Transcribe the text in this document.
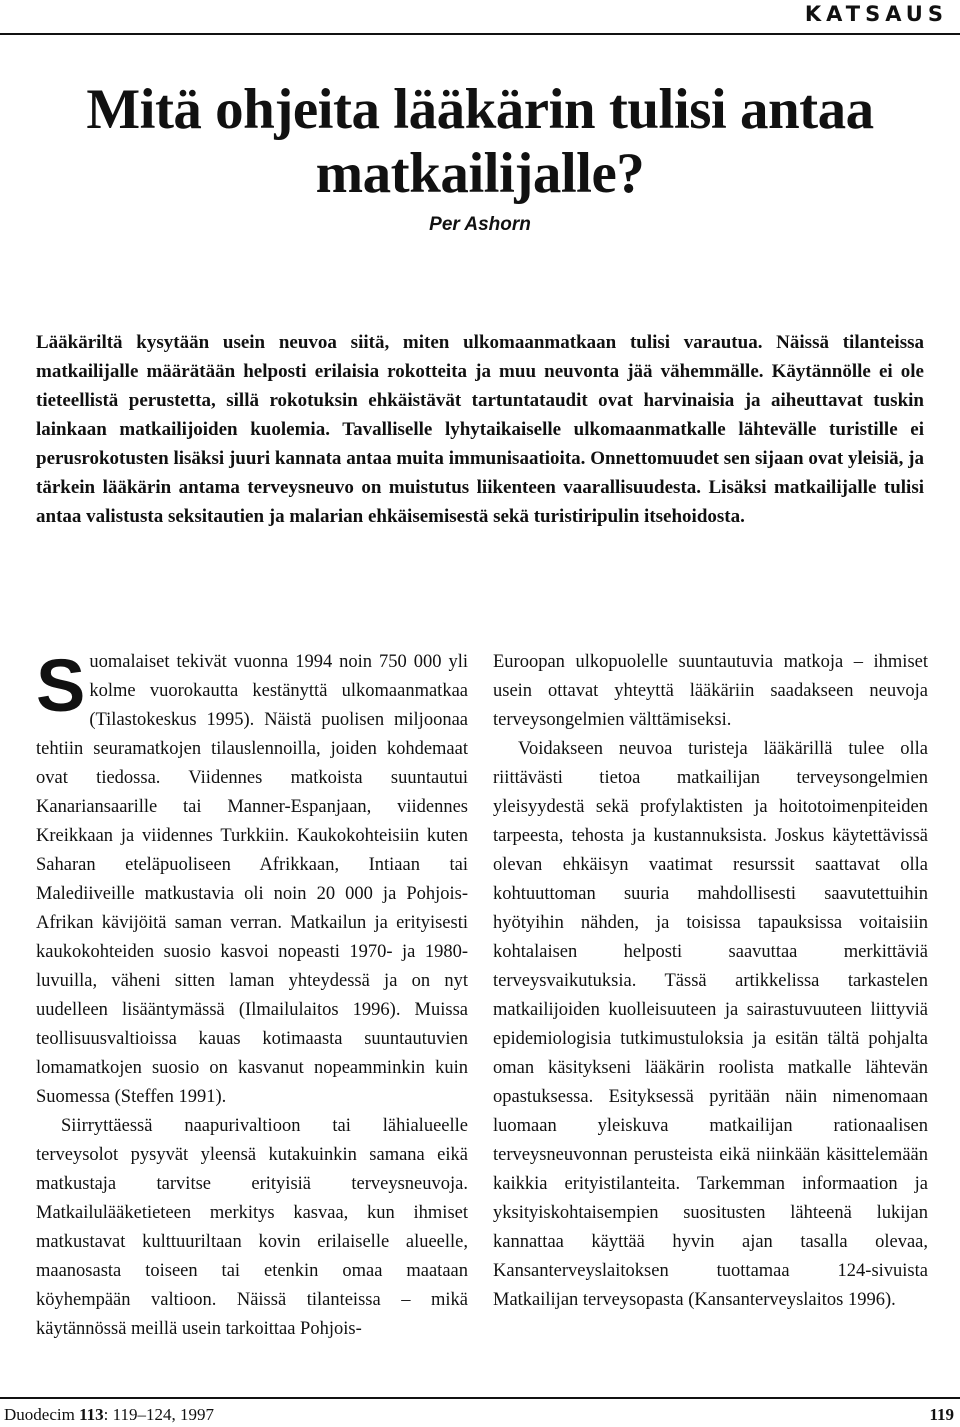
KATSAUS

Mitä ohjeita lääkärin tulisi antaa
matkailijalle?

Per Ashorn

Lääkäriltä kysytään usein neuvoa siitä, miten ulkomaanmatkaan tulisi varautua. Näissä tilanteissa matkailijalle määrätään helposti erilaisia rokotteita ja muu neuvonta jää vähemmälle. Käytännölle ei ole tieteellistä perustetta, sillä rokotuksin ehkäistävät tartuntataudit ovat harvinaisia ja aiheuttavat tuskin lainkaan matkailijoiden kuolemia. Tavalliselle lyhytaikaiselle ulkomaanmatkalle lähtevälle turistille ei perusrokotusten lisäksi juuri kannata antaa muita immunisaatioita. Onnettomuudet sen sijaan ovat yleisiä, ja tärkein lääkärin antama terveysneuvo on muistutus liikenteen vaarallisuudesta. Lisäksi matkailijalle tulisi antaa valistusta seksitautien ja malarian ehkäisemisestä sekä turistiripulin itsehoidosta.

S uomalaiset tekivät vuonna 1994 noin 750 000 yli kolme vuorokautta kestänyttä ulkomaanmatkaa (Tilastokeskus 1995). Näistä puolisen miljoonaa tehtiin seuramatkojen tilauslennoilla, joiden kohdemaat ovat tiedossa. Viidennes matkoista suuntautui Kanariansaarille tai Manner-Espanjaan, viidennes Kreikkaan ja viidennes Turkkiin. Kaukokohteisiin kuten Saharan eteläpuoliseen Afrikkaan, Intiaan tai Malediiveille matkustavia oli noin 20 000 ja Pohjois-Afrikan kävijöitä saman verran. Matkailun ja erityisesti kaukokohteiden suosio kasvoi nopeasti 1970- ja 1980-luvuilla, väheni sitten laman yhteydessä ja on nyt uudelleen lisääntymässä (Ilmailulaitos 1996). Muissa teollisuusvaltioissa kauas kotimaasta suuntautuvien lomamatkojen suosio on kasvanut nopeamminkin kuin Suomessa (Steffen 1991).

Siirryttäessä naapurivaltioon tai lähialueelle terveysolot pysyvät yleensä kutakuinkin samana eikä matkustaja tarvitse erityisiä terveysneuvoja. Matkailulääketieteen merkitys kasvaa, kun ihmiset matkustavat kulttuuriltaan kovin erilaiselle alueelle, maanosasta toiseen tai etenkin omaa maataan köyhempään valtioon. Näissä tilanteissa – mikä käytännössä meillä usein tarkoittaa Pohjois-

Euroopan ulkopuolelle suuntautuvia matkoja – ihmiset usein ottavat yhteyttä lääkäriin saadakseen neuvoja terveysongelmien välttämiseksi.

Voidakseen neuvoa turisteja lääkärillä tulee olla riittävästi tietoa matkailijan terveysongelmien yleisyydestä sekä profylaktisten ja hoitotoimenpiteiden tarpeesta, tehosta ja kustannuksista. Joskus käytettävissä olevan ehkäisyn vaatimat resurssit saattavat olla kohtuuttoman suuria mahdollisesti saavutettuihin hyötyihin nähden, ja toisissa tapauksissa voitaisiin kohtalaisen helposti saavuttaa merkittäviä terveysvaikutuksia. Tässä artikkelissa tarkastelen matkailijoiden kuolleisuuteen ja sairastuvuuteen liittyviä epidemiologisia tutkimustuloksia ja esitän tältä pohjalta oman käsitykseni lääkärin roolista matkalle lähtevän opastuksessa. Esityksessä pyritään näin nimenomaan luomaan yleiskuva matkailijan rationaalisen terveysneuvonnan perusteista eikä niinkään käsittelemään kaikkia erityistilanteita. Tarkemman informaation ja yksityiskohtaisempien suositusten lähteenä lukijan kannattaa käyttää hyvin ajan tasalla olevaa, Kansanterveyslaitoksen tuottamaa 124-sivuista Matkailijan terveysopasta (Kansanterveyslaitos 1996).

Duodecim 113: 119–124, 1997	119
